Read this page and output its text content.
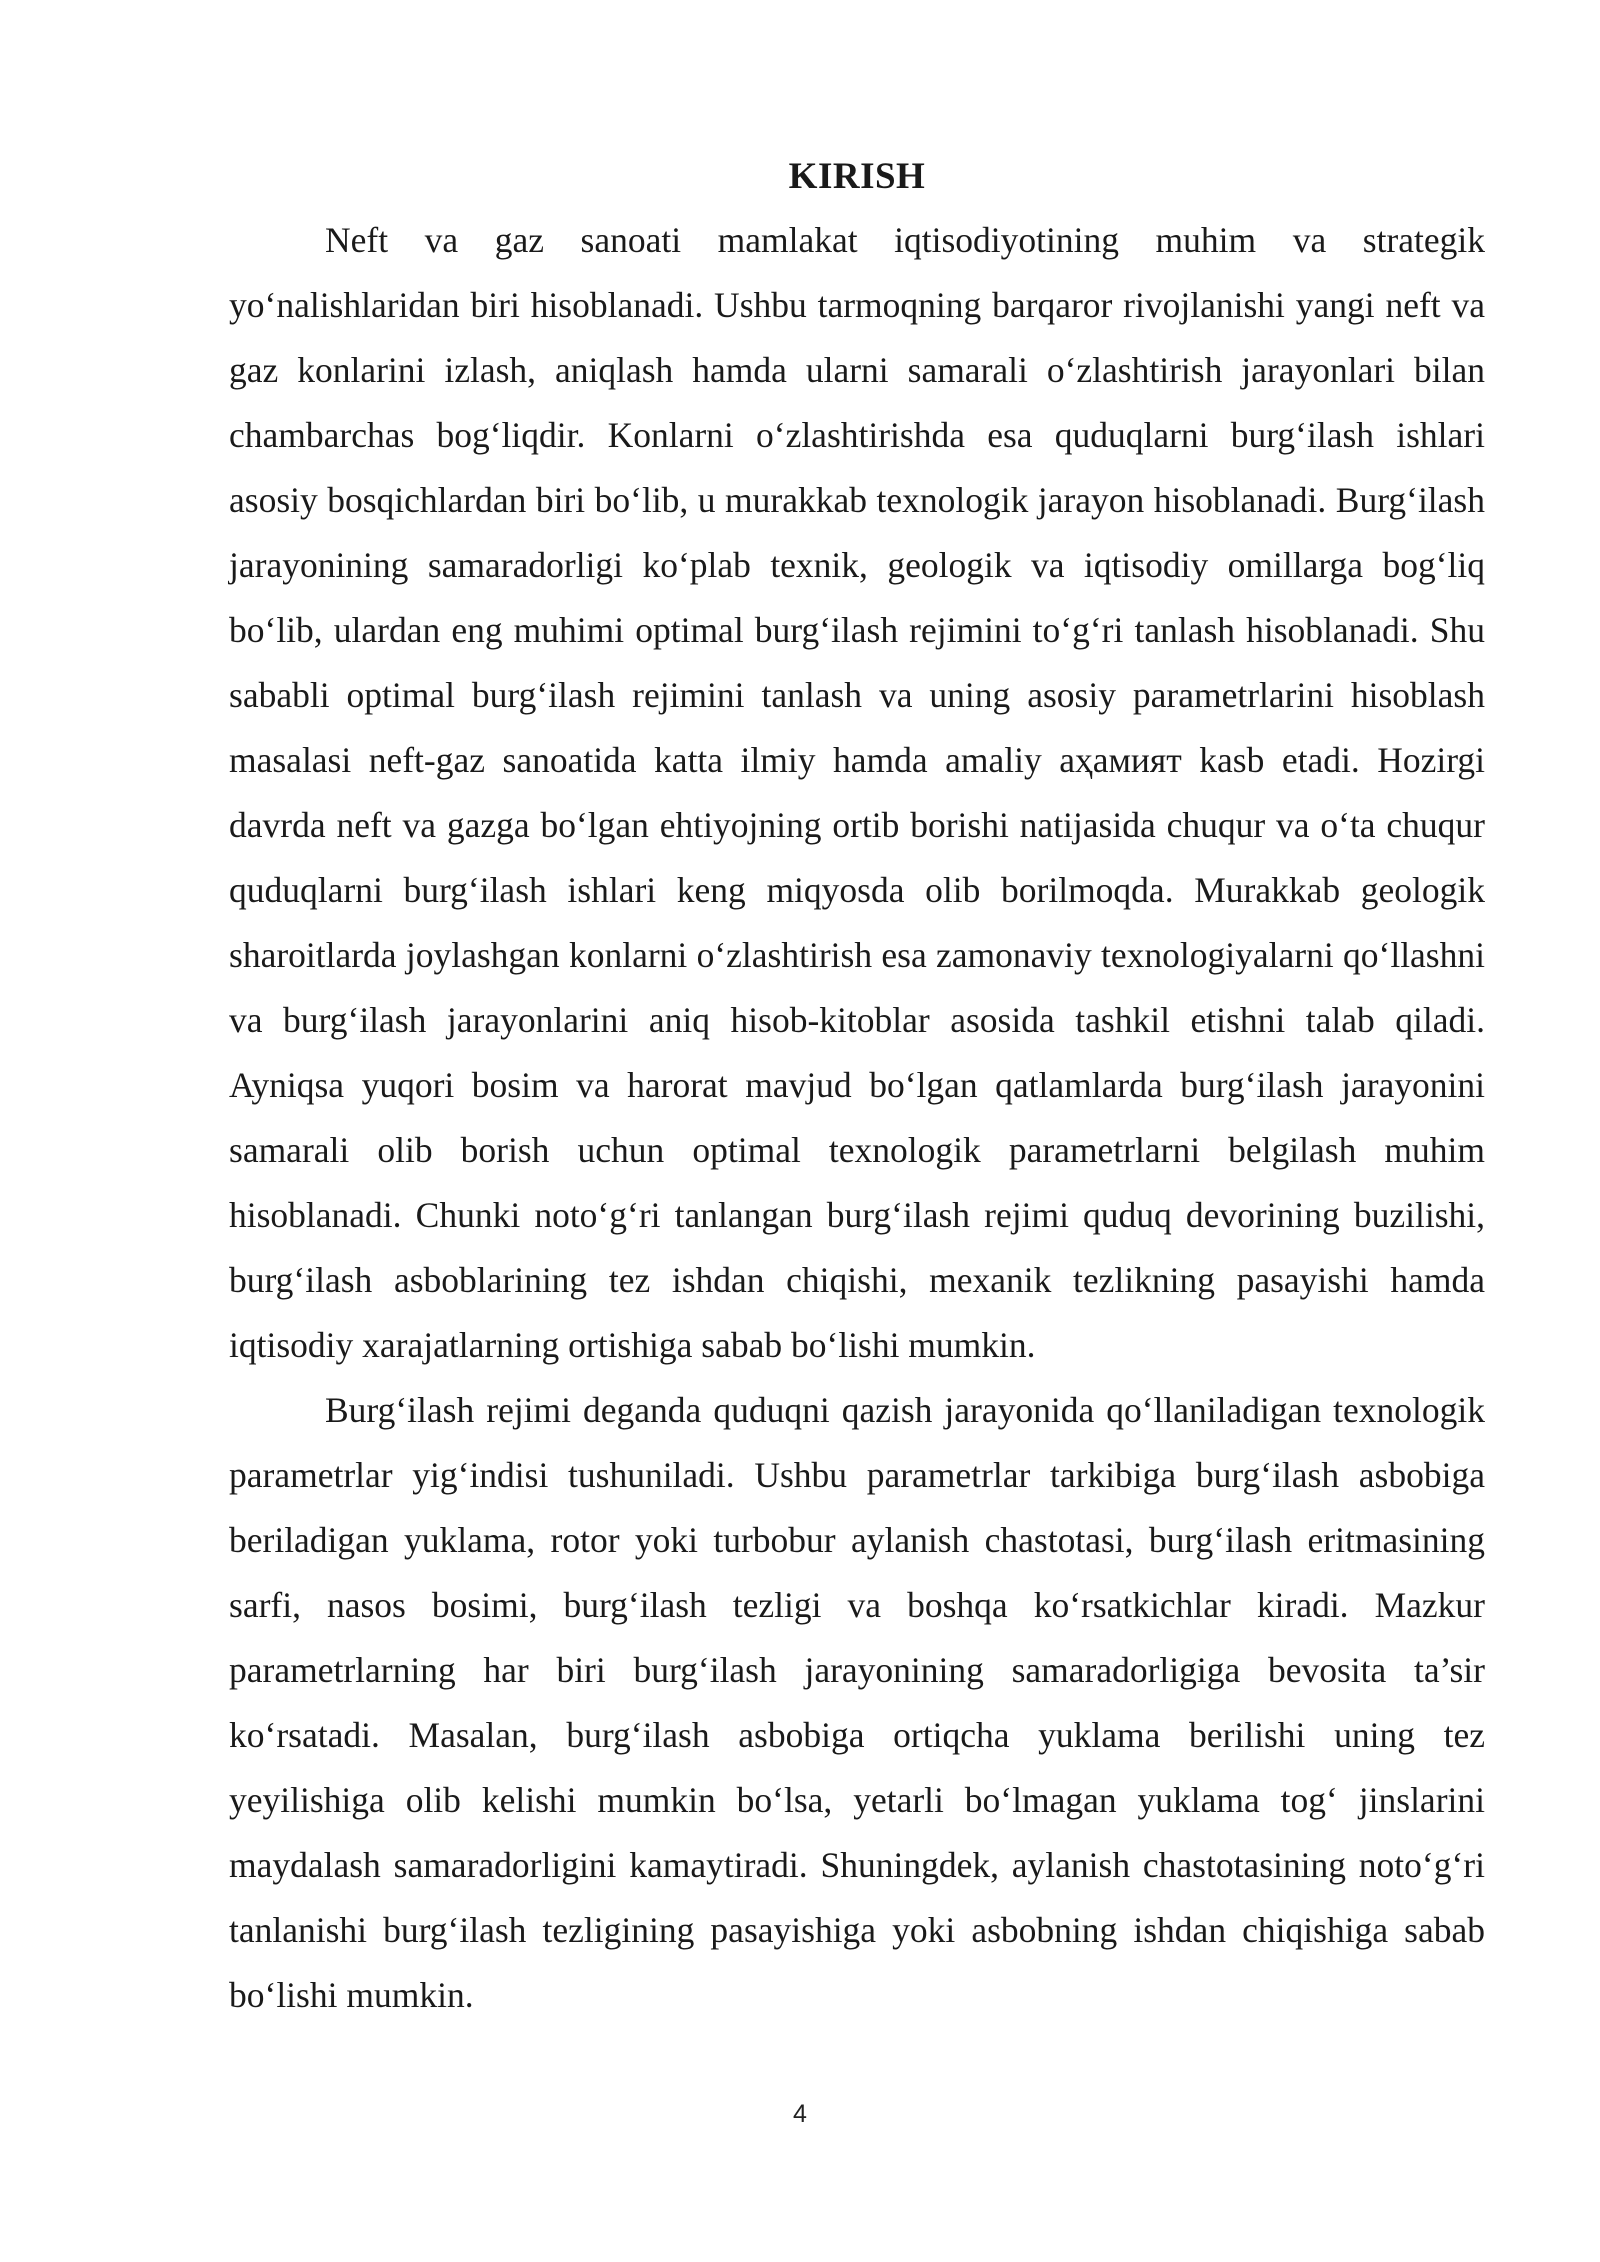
KIRISH

Neft va gaz sanoati mamlakat iqtisodiyotining muhim va strategik yo‘nalishlaridan biri hisoblanadi. Ushbu tarmoqning barqaror rivojlanishi yangi neft va gaz konlarini izlash, aniqlash hamda ularni samarali o‘zlashtirish jarayonlari bilan chambarchas bog‘liqdir. Konlarni o‘zlashtirishda esa quduqlarni burg‘ilash ishlari asosiy bosqichlardan biri bo‘lib, u murakkab texnologik jarayon hisoblanadi. Burg‘ilash jarayonining samaradorligi ko‘plab texnik, geologik va iqtisodiy omillarga bog‘liq bo‘lib, ulardan eng muhimi optimal burg‘ilash rejimini to‘g‘ri tanlash hisoblanadi. Shu sababli optimal burg‘ilash rejimini tanlash va uning asosiy parametrlarini hisoblash masalasi neft-gaz sanoatida katta ilmiy hamda amaliy аҳамият kasb etadi. Hozirgi davrda neft va gazga bo‘lgan ehtiyojning ortib borishi natijasida chuqur va o‘ta chuqur quduqlarni burg‘ilash ishlari keng miqyosda olib borilmoqda. Murakkab geologik sharoitlarda joylashgan konlarni o‘zlashtirish esa zamonaviy texnologiyalarni qo‘llashni va burg‘ilash jarayonlarini aniq hisob-kitoblar asosida tashkil etishni talab qiladi. Ayniqsa yuqori bosim va harorat mavjud bo‘lgan qatlamlarda burg‘ilash jarayonini samarali olib borish uchun optimal texnologik parametrlarni belgilash muhim hisoblanadi. Chunki noto‘g‘ri tanlangan burg‘ilash rejimi quduq devorining buzilishi, burg‘ilash asboblarining tez ishdan chiqishi, mexanik tezlikning pasayishi hamda iqtisodiy xarajatlarning ortishiga sabab bo‘lishi mumkin.

Burg‘ilash rejimi deganda quduqni qazish jarayonida qo‘llaniladigan texnologik parametrlar yig‘indisi tushuniladi. Ushbu parametrlar tarkibiga burg‘ilash asbobiga beriladigan yuklama, rotor yoki turbobur aylanish chastotasi, burg‘ilash eritmasining sarfi, nasos bosimi, burg‘ilash tezligi va boshqa ko‘rsatkichlar kiradi. Mazkur parametrlarning har biri burg‘ilash jarayonining samaradorligiga bevosita ta’sir ko‘rsatadi. Masalan, burg‘ilash asbobiga ortiqcha yuklama berilishi uning tez yeyilishiga olib kelishi mumkin bo‘lsa, yetarli bo‘lmagan yuklama tog‘ jinslarini maydalash samaradorligini kamaytiradi. Shuningdek, aylanish chastotasining noto‘g‘ri tanlanishi burg‘ilash tezligining pasayishiga yoki asbobning ishdan chiqishiga sabab bo‘lishi mumkin.

4
